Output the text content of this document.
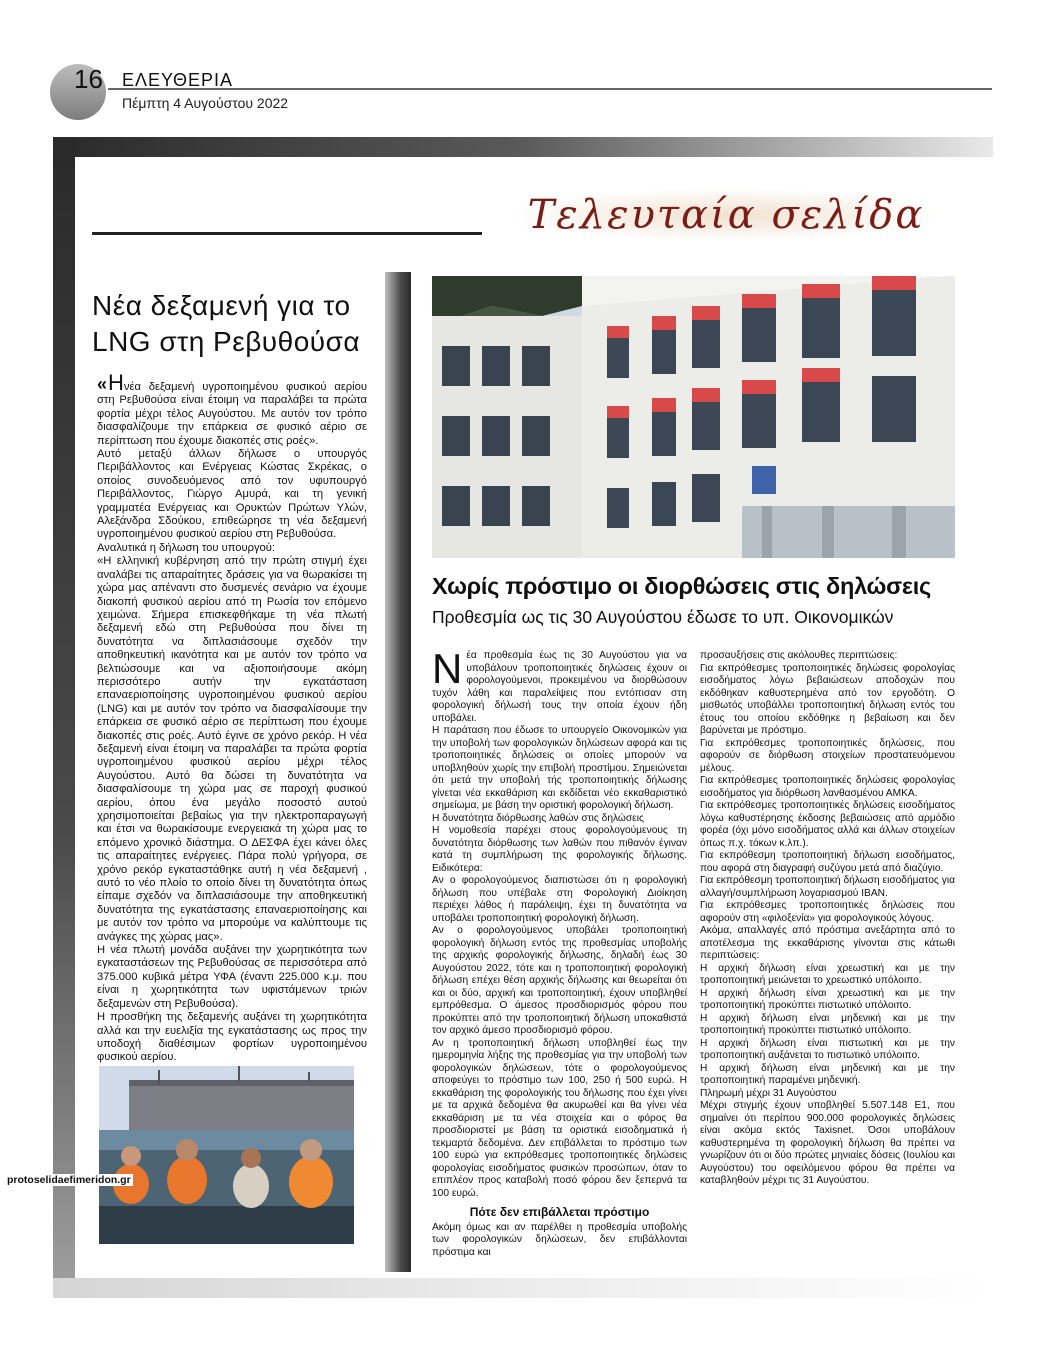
16 ΕΛΕΥΘΕΡΙΑ
Πέμπτη 4 Αυγούστου 2022
Τελευταία σελίδα
Νέα δεξαμενή για το LNG στη Ρεβυθούσα

«Ηνέα δεξαμενή υγροποιημένου φυσικού αερίου στη Ρεβυθούσα είναι έτοιμη να παραλάβει τα πρώτα φορτία μέχρι τέλος Αυγούστου. Με αυτόν τον τρόπο διασφαλίζουμε την επάρκεια σε φυσικό αέριο σε περίπτωση που έχουμε διακοπές στις ροές».

Αυτό μεταξύ άλλων δήλωσε ο υπουργός Περιβάλλοντος και Ενέργειας Κώστας Σκρέκας, ο οποίος συνοδευόμενος από τον υφυπουργό Περιβάλλοντος, Γιώργο Αμυρά, και τη γενική γραμματέα Ενέργειας και Ορυκτών Πρώτων Υλών, Αλεξάνδρα Σδούκου, επιθεώρησε τη νέα δεξαμενή υγροποιημένου φυσικού αερίου στη Ρεβυθούσα.

Αναλυτικά η δήλωση του υπουργού:

«Η ελληνική κυβέρνηση από την πρώτη στιγμή έχει αναλάβει τις απαραίτητες δράσεις για να θωρακίσει τη χώρα μας απέναντι στο δυσμενές σενάριο να έχουμε διακοπή φυσικού αερίου από τη Ρωσία τον επόμενο χειμώνα. Σήμερα επισκεφθήκαμε τη νέα πλωτή δεξαμενή εδώ στη Ρεβυθούσα που δίνει τη δυνατότητα να διπλασιάσουμε σχεδόν την αποθηκευτική ικανότητα και με αυτόν τον τρόπο να βελτιώσουμε και να αξιοποιήσουμε ακόμη περισσότερο αυτήν την εγκατάσταση επαναεριοποίησης υγροποιημένου φυσικού αερίου (LNG) και με αυτόν τον τρόπο να διασφαλίσουμε την επάρκεια σε φυσικό αέριο σε περίπτωση που έχουμε διακοπές στις ροές. Αυτό έγινε σε χρόνο ρεκόρ. Η νέα δεξαμενή είναι έτοιμη να παραλάβει τα πρώτα φορτία υγροποιημένου φυσικού αερίου μέχρι τέλος Αυγούστου. Αυτό θα δώσει τη δυνατότητα να διασφαλίσουμε τη χώρα μας σε παροχή φυσικού αερίου, όπου ένα μεγάλο ποσοστό αυτού χρησιμοποιείται βεβαίως για την ηλεκτροπαραγωγή και έτσι να θωρακίσουμε ενεργειακά τη χώρα μας το επόμενο χρονικό διάστημα. Ο ΔΕΣΦΑ έχει κάνει όλες τις απαραίτητες ενέργειες. Πάρα πολύ γρήγορα, σε χρόνο ρεκόρ εγκαταστάθηκε αυτή η νέα δεξαμενή , αυτό το νέο πλοίο το οποίο δίνει τη δυνατότητα όπως είπαμε σχεδόν να διπλασιάσουμε την αποθηκευτική δυνατότητα της εγκατάστασης επαναεριοποίησης και με αυτόν τον τρόπο να μπορούμε να καλύπτουμε τις ανάγκες της χώρας μας».

Η νέα πλωτή μονάδα αυξάνει την χωρητικότητα των εγκαταστάσεων της Ρεβυθούσας σε περισσότερα από 375.000 κυβικά μέτρα ΥΦΑ (έναντι 225.000 κ.μ. που είναι η χωρητικότητα των υφιστάμενων τριών δεξαμενών στη Ρεβυθούσα).

Η προσθήκη της δεξαμενής αυξάνει τη χωρητικότητα αλλά και την ευελιξία της εγκατάστασης ως προς την υποδοχή διαθέσιμων φορτίων υγροποιημένου φυσικού αερίου.

protoselidaefimeridon.gr
Χωρίς πρόστιμο οι διορθώσεις στις δηλώσεις
Προθεσμία ως τις 30 Αυγούστου έδωσε το υπ. Οικονομικών

Νέα προθεσμία έως τις 30 Αυγούστου για να υποβάλουν τροποποιητικές δηλώσεις έχουν οι φορολογούμενοι, προκειμένου να διορθώσουν τυχόν λάθη και παραλείψεις που εντόπισαν στη φορολογική δήλωσή τους την οποία έχουν ήδη υποβάλει.

Η παράταση που έδωσε το υπουργείο Οικονομικών για την υποβολή των φορολογικών δηλώσεων αφορά και τις τροποποιητικές δηλώσεις οι οποίες μπορούν να υποβληθούν χωρίς την επιβολή προστίμου. Σημειώνεται ότι μετά την υποβολή τής τροποποιητικής δήλωσης γίνεται νέα εκκαθάριση και εκδίδεται νέο εκκαθαριστικό σημείωμα, με βάση την οριστική φορολογική δήλωση.

Η δυνατότητα διόρθωσης λαθών στις δηλώσεις

Η νομοθεσία παρέχει στους φορολογούμενους τη δυνατότητα διόρθωσης των λαθών που πιθανόν έγιναν κατά τη συμπλήρωση της φορολογικής δήλωσης. Ειδικότερα:

Αν ο φορολογούμενος διαπιστώσει ότι η φορολογική δήλωση που υπέβαλε στη Φορολογική Διοίκηση περιέχει λάθος ή παράλειψη, έχει τη δυνατότητα να υποβάλει τροποποιητική φορολογική δήλωση.

Αν ο φορολογούμενος υποβάλει τροποποιητική φορολογική δήλωση εντός της προθεσμίας υποβολής της αρχικής φορολογικής δήλωσης, δηλαδή έως 30 Αυγούστου 2022, τότε και η τροποποιητική φορολογική δήλωση επέχει θέση αρχικής δήλωσης και θεωρείται ότι και οι δύο, αρχική και τροποποιητική, έχουν υποβληθεί εμπρόθεσμα. Ο άμεσος προσδιορισμός φόρου που προκύπτει από την τροποποιητική δήλωση υποκαθιστά τον αρχικό άμεσο προσδιορισμό φόρου.

Αν η τροποποιητική δήλωση υποβληθεί έως την ημερομηνία λήξης της προθεσμίας για την υποβολή των φορολογικών δηλώσεων, τότε ο φορολογούμενος αποφεύγει το πρόστιμο των 100, 250 ή 500 ευρώ. Η εκκαθάριση της φορολογικής του δήλωσης που έχει γίνει με τα αρχικά δεδομένα θα ακυρωθεί και θα γίνει νέα εκκαθάριση με τα νέα στοιχεία και ο φόρος θα προσδιοριστεί με βάση τα οριστικά εισοδηματικά ή τεκμαρτά δεδομένα. Δεν επιβάλλεται το πρόστιμο των 100 ευρώ για εκπρόθεσμες τροποποιητικές δηλώσεις φορολογίας εισοδήματος φυσικών προσώπων, όταν το επιπλέον προς καταβολή ποσό φόρου δεν ξεπερνά τα 100 ευρώ.

Πότε δεν επιβάλλεται πρόστιμο

Ακόμη όμως και αν παρέλθει η προθεσμία υποβολής των φορολογικών δηλώσεων, δεν επιβάλλονται πρόστιμα και

προσαυξήσεις στις ακόλουθες περιπτώσεις:

Για εκπρόθεσμες τροποποιητικές δηλώσεις φορολογίας εισοδήματος λόγω βεβαιώσεων αποδοχών που εκδόθηκαν καθυστερημένα από τον εργοδότη. Ο μισθωτός υποβάλλει τροποποιητική δήλωση εντός του έτους του οποίου εκδόθηκε η βεβαίωση και δεν βαρύνεται με πρόστιμο.

Για εκπρόθεσμες τροποποιητικές δηλώσεις, που αφορούν σε διόρθωση στοιχείων προστατευόμενου μέλους.

Για εκπρόθεσμες τροποποιητικές δηλώσεις φορολογίας εισοδήματος για διόρθωση λανθασμένου ΑΜΚΑ.

Για εκπρόθεσμες τροποποιητικές δηλώσεις εισοδήματος λόγω καθυστέρησης έκδοσης βεβαιώσεις από αρμόδιο φορέα (όχι μόνο εισοδήματος αλλά και άλλων στοιχείων όπως π.χ. τόκων κ.λπ.).

Για εκπρόθεσμη τροποποιητική δήλωση εισοδήματος, που αφορά στη διαγραφή συζύγου μετά από διαζύγιο.

Για εκπρόθεσμη τροποποιητική δήλωση εισοδήματος για αλλαγή/συμπλήρωση λογαριασμού IBAN.

Για εκπρόθεσμες τροποποιητικές δηλώσεις που αφορούν στη «φιλοξενία» για φορολογικούς λόγους.

Ακόμα, απαλλαγές από πρόστιμα ανεξάρτητα από το αποτέλεσμα της εκκαθάρισης γίνονται στις κάτωθι περιπτώσεις:

Η αρχική δήλωση είναι χρεωστική και με την τροποποιητική μειώνεται το χρεωστικό υπόλοιπο.

Η αρχική δήλωση είναι χρεωστική και με την τροποποιητική προκύπτει πιστωτικό υπόλοιπο.

Η αρχική δήλωση είναι μηδενική και με την τροποποιητική προκύπτει πιστωτικό υπόλοιπο.

Η αρχική δήλωση είναι πιστωτική και με την τροποποιητική αυξάνεται το πιστωτικό υπόλοιπο.

Η αρχική δήλωση είναι μηδενική και με την τροποποιητική παραμένει μηδενική.

Πληρωμή μέχρι 31 Αυγούστου

Μέχρι στιγμής έχουν υποβληθεί 5.507.148 Ε1, που σημαίνει ότι περίπου 900.000 φορολογικές δηλώσεις είναι ακόμα εκτός Taxisnet. Όσοι υποβάλουν καθυστερημένα τη φορολογική δήλωση θα πρέπει να γνωρίζουν ότι οι δύο πρώτες μηνιαίες δόσεις (Ιουλίου και Αυγούστου) του οφειλόμενου φόρου θα πρέπει να καταβληθούν μέχρι τις 31 Αυγούστου.
